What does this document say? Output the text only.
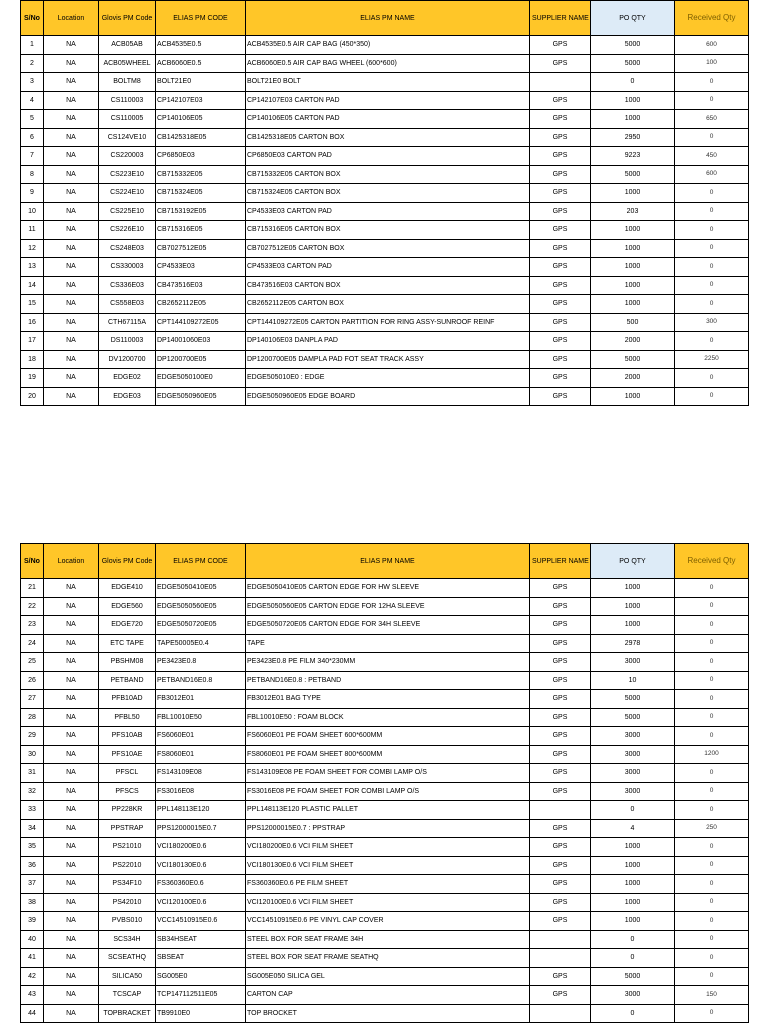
S/No	Location	Glovis PM Code	ELIAS PM CODE	ELIAS PM NAME	SUPPLIER NAME	PO QTY	Received Qty
1	NA	ACB05AB	ACB4535E0.5	ACB4535E0.5 AIR CAP BAG (450*350)	GPS	5000	600
2	NA	ACB05WHEEL	ACB6060E0.5	ACB6060E0.5 AIR CAP BAG WHEEL (600*600)	GPS	5000	100
3	NA	BOLTM8	BOLT21E0	BOLT21E0 BOLT		0	0
4	NA	CS110003	CP142107E03	CP142107E03 CARTON PAD	GPS	1000	0
5	NA	CS110005	CP140106E05	CP140106E05 CARTON PAD	GPS	1000	650
6	NA	CS124VE10	CB1425318E05	CB1425318E05 CARTON BOX	GPS	2950	0
7	NA	CS220003	CP6850E03	CP6850E03 CARTON PAD	GPS	9223	450
8	NA	CS223E10	CB715332E05	CB715332E05 CARTON BOX	GPS	5000	600
9	NA	CS224E10	CB715324E05	CB715324E05 CARTON BOX	GPS	1000	0
10	NA	CS225E10	CB7153192E05	CP4533E03 CARTON PAD	GPS	203	0
11	NA	CS226E10	CB715316E05	CB715316E05 CARTON BOX	GPS	1000	0
12	NA	CS248E03	CB7027512E05	CB7027512E05 CARTON BOX	GPS	1000	0
13	NA	CS330003	CP4533E03	CP4533E03 CARTON PAD	GPS	1000	0
14	NA	CS336E03	CB473516E03	CB473516E03 CARTON BOX	GPS	1000	0
15	NA	CS558E03	CB2652112E05	CB2652112E05 CARTON BOX	GPS	1000	0
16	NA	CTH67115A	CPT144109272E05	CPT144109272E05 CARTON PARTITION FOR RING ASSY-SUNROOF REINF	GPS	500	300
17	NA	DS110003	DP14001060E03	DP140106E03 DANPLA PAD	GPS	2000	0
18	NA	DV1200700	DP1200700E05	DP1200700E05 DAMPLA PAD FOT SEAT TRACK ASSY	GPS	5000	2250
19	NA	EDGE02	EDGE5050100E0	EDGE505010E0 : EDGE	GPS	2000	0
20	NA	EDGE03	EDGE5050960E05	EDGE5050960E05 EDGE BOARD	GPS	1000	0
S/No	Location	Glovis PM Code	ELIAS PM CODE	ELIAS PM NAME	SUPPLIER NAME	PO QTY	Received Qty
21	NA	EDGE410	EDGE5050410E05	EDGE5050410E05 CARTON EDGE FOR HW SLEEVE	GPS	1000	0
22	NA	EDGE560	EDGE5050560E05	EDGE5050560E05 CARTON EDGE FOR 12HA SLEEVE	GPS	1000	0
23	NA	EDGE720	EDGE5050720E05	EDGE5050720E05 CARTON EDGE FOR 34H SLEEVE	GPS	1000	0
24	NA	ETC TAPE	TAPE50005E0.4	TAPE	GPS	2978	0
25	NA	PBSHM08	PE3423E0.8	PE3423E0.8 PE FILM 340*230MM	GPS	3000	0
26	NA	PETBAND	PETBAND16E0.8	PETBAND16E0.8 : PETBAND	GPS	10	0
27	NA	PFB10AD	FB3012E01	FB3012E01 BAG TYPE	GPS	5000	0
28	NA	PFBL50	FBL10010E50	FBL10010E50 : FOAM BLOCK	GPS	5000	0
29	NA	PFS10AB	FS6060E01	FS6060E01 PE FOAM SHEET 600*600MM	GPS	3000	0
30	NA	PFS10AE	FS8060E01	FS8060E01 PE FOAM SHEET 800*600MM	GPS	3000	1200
31	NA	PFSCL	FS143109E08	FS143109E08 PE FOAM SHEET FOR COMBI LAMP O/S	GPS	3000	0
32	NA	PFSCS	FS3016E08	FS3016E08 PE FOAM SHEET FOR COMBI LAMP O/S	GPS	3000	0
33	NA	PP228KR	PPL148113E120	PPL148113E120 PLASTIC PALLET		0	0
34	NA	PPSTRAP	PPS12000015E0.7	PPS12000015E0.7 : PPSTRAP	GPS	4	250
35	NA	PS21010	VCI180200E0.6	VCI180200E0.6 VCI FILM SHEET	GPS	1000	0
36	NA	PS22010	VCI180130E0.6	VCI180130E0.6 VCI FILM SHEET	GPS	1000	0
37	NA	PS34F10	FS360360E0.6	FS360360E0.6 PE FILM SHEET	GPS	1000	0
38	NA	PS42010	VCI120100E0.6	VCI120100E0.6 VCI FILM SHEET	GPS	1000	0
39	NA	PVBS010	VCC14510915E0.6	VCC14510915E0.6 PE VINYL CAP COVER	GPS	1000	0
40	NA	SCS34H	SB34HSEAT	STEEL BOX FOR SEAT FRAME 34H		0	0
41	NA	SCSEATHQ	SBSEAT	STEEL BOX FOR SEAT FRAME SEATHQ		0	0
42	NA	SILICA50	SG005E0	SG005E050 SILICA GEL	GPS	5000	0
43	NA	TCSCAP	TCP147112511E05	CARTON CAP	GPS	3000	150
44	NA	TOPBRACKET	TB9910E0	TOP BROCKET		0	0
